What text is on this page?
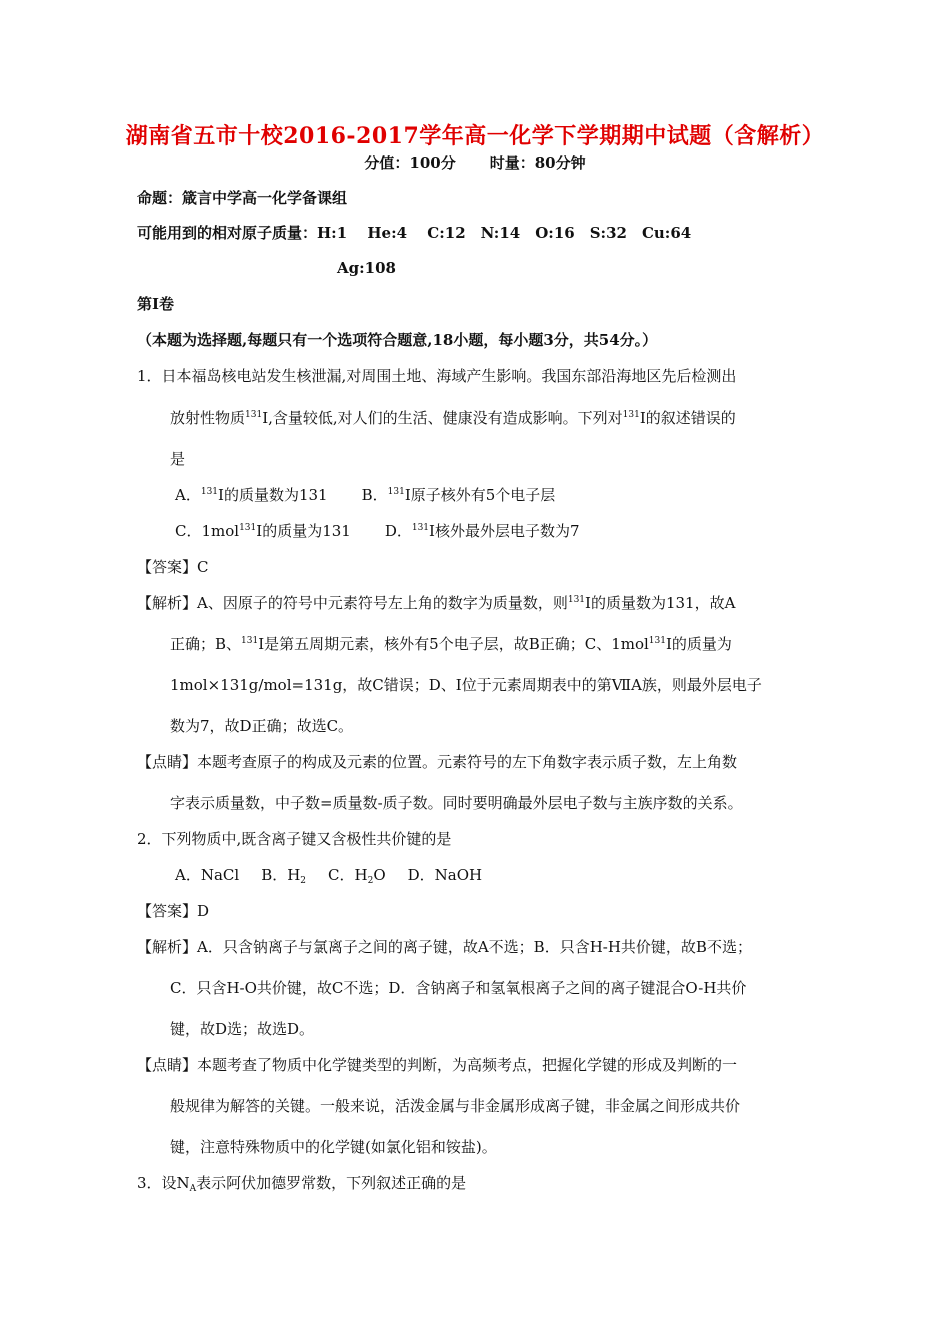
湖南省五市十校2016-2017学年高一化学下学期期中试题（含解析）
分值：100分 时量：80分钟
命题：箴言中学高一化学备课组
可能用到的相对原子质量：H:1　 He:4　 C:12　N:14　O:16　S:32　Cu:64
Ag:108
第Ⅰ卷
（本题为选择题,每题只有一个选项符合题意,18小题，每小题3分，共54分。）
1．日本福岛核电站发生核泄漏,对周围土地、海域产生影响。我国东部沿海地区先后检测出
放射性物质$^{131}$I,含量较低,对人们的生活、健康没有造成影响。下列对$^{131}$I的叙述错误的
是
A．$^{131}$I的质量数为131 B．$^{131}$I原子核外有5个电子层
C．1mol$^{131}$I的质量为131 D．$^{131}$I核外最外层电子数为7
【答案】C
【解析】A、因原子的符号中元素符号左上角的数字为质量数，则$^{131}$I的质量数为131，故A
正确；B、$^{131}$I是第五周期元素，核外有5个电子层，故B正确；C、1mol$^{131}$I的质量为
1mol×131g/mol=131g，故C错误；D、I位于元素周期表中的第ⅦA族，则最外层电子
数为7，故D正确；故选C。
【点睛】本题考查原子的构成及元素的位置。元素符号的左下角数字表示质子数，左上角数
字表示质量数，中子数=质量数-质子数。同时要明确最外层电子数与主族序数的关系。
2．下列物质中,既含离子键又含极性共价键的是
A．NaCl B．$H_2$ C．$H_2O$ D．NaOH
【答案】D
【解析】A．只含钠离子与氯离子之间的离子键，故A不选；B．只含H-H共价键，故B不选；
C．只含H-O共价键，故C不选；D．含钠离子和氢氧根离子之间的离子键混合O-H共价
键，故D选；故选D。
【点睛】本题考查了物质中化学键类型的判断，为高频考点，把握化学键的形成及判断的一
般规律为解答的关键。一般来说，活泼金属与非金属形成离子键，非金属之间形成共价
键，注意特殊物质中的化学键(如氯化铝和铵盐)。
3．设$N_A$表示阿伏加德罗常数，下列叙述正确的是
